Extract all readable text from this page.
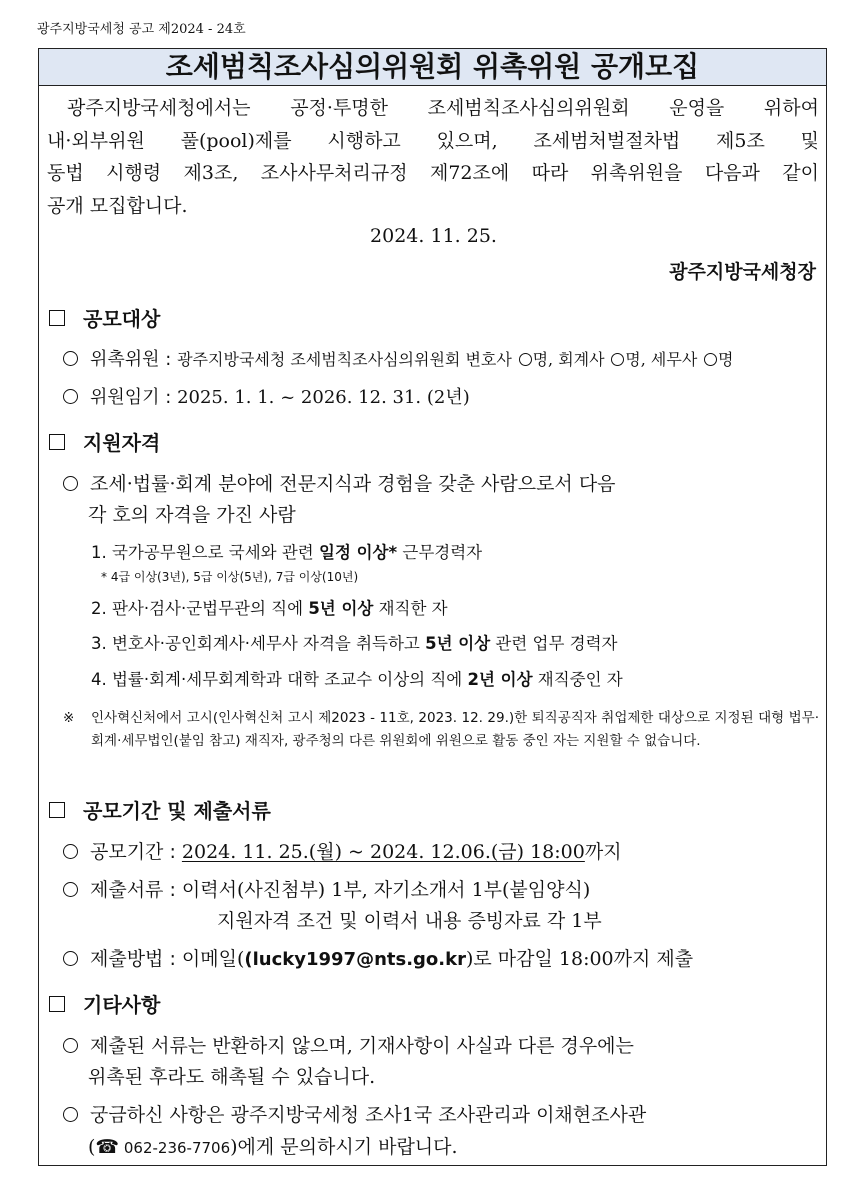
광주지방국세청 공고 제2024 - 24호
조세범칙조사심의위원회 위촉위원 공개모집
광주지방국세청에서는 공정·투명한 조세범칙조사심의위원회 운영을 위하여
내·외부위원 풀(pool)제를 시행하고 있으며, 조세범처벌절차법 제5조 및
동법 시행령 제3조, 조사사무처리규정 제72조에 따라 위촉위원을 다음과 같이
공개 모집합니다.
2024. 11. 25.
광주지방국세청장
공모대상
위촉위원 : 광주지방국세청 조세범칙조사심의위원회 변호사 명, 회계사 명, 세무사 명
위원임기 : 2025. 1. 1. ~ 2026. 12. 31. (2년)
지원자격
조세·법률·회계 분야에 전문지식과 경험을 갖춘 사람으로서 다음
각 호의 자격을 가진 사람
1. 국가공무원으로 국세와 관련 일정 이상* 근무경력자
* 4급 이상(3년), 5급 이상(5년), 7급 이상(10년)
2. 판사·검사·군법무관의 직에 5년 이상 재직한 자
3. 변호사·공인회계사·세무사 자격을 취득하고 5년 이상 관련 업무 경력자
4. 법률·회계·세무회계학과 대학 조교수 이상의 직에 2년 이상 재직중인 자
※ 인사혁신처에서 고시(인사혁신처 고시 제2023 - 11호, 2023. 12. 29.)한 퇴직공직자 취업제한 대상으로 지정된 대형 법무·회계·세무법인(붙임 참고) 재직자, 광주청의 다른 위원회에 위원으로 활동 중인 자는 지원할 수 없습니다.
공모기간 및 제출서류
공모기간 : 2024. 11. 25.(월) ~ 2024. 12.06.(금) 18:00까지
제출서류 : 이력서(사진첨부) 1부, 자기소개서 1부(붙임양식)
지원자격 조건 및 이력서 내용 증빙자료 각 1부
제출방법 : 이메일((lucky1997@nts.go.kr)로 마감일 18:00까지 제출
기타사항
제출된 서류는 반환하지 않으며, 기재사항이 사실과 다른 경우에는
위촉된 후라도 해촉될 수 있습니다.
궁금하신 사항은 광주지방국세청 조사1국 조사관리과 이채현조사관
(☎ 062-236-7706)에게 문의하시기 바랍니다.
